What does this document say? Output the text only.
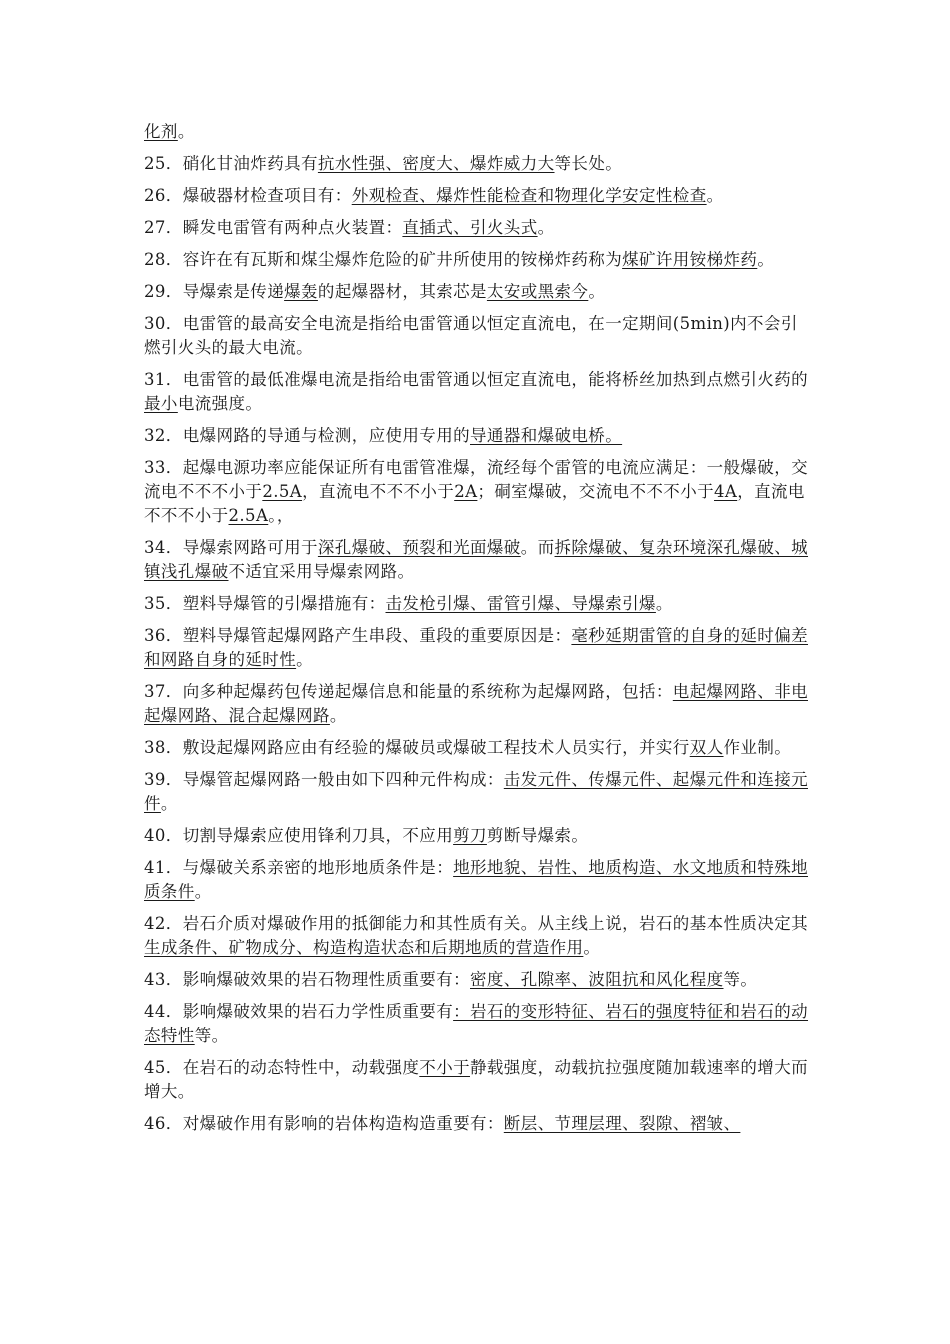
化剂。

25．硝化甘油炸药具有抗水性强、密度大、爆炸威力大等长处。

26．爆破器材检查项目有：外观检查、爆炸性能检查和物理化学安定性检查。

27．瞬发电雷管有两种点火装置：直插式、引火头式。

28．容许在有瓦斯和煤尘爆炸危险的矿井所使用的铵梯炸药称为煤矿许用铵梯炸药。

29．导爆索是传递爆轰的起爆器材，其索芯是太安或黑索今。

30．电雷管的最高安全电流是指给电雷管通以恒定直流电，在一定期间(5min)内不会引燃引火头的最大电流。

31．电雷管的最低准爆电流是指给电雷管通以恒定直流电，能将桥丝加热到点燃引火药的最小电流强度。

32．电爆网路的导通与检测，应使用专用的导通器和爆破电桥。

33．起爆电源功率应能保证所有电雷管准爆，流经每个雷管的电流应满足：一般爆破，交流电不不不小于2.5A，直流电不不不小于2A；硐室爆破，交流电不不不小于4A，直流电不不不小于2.5A。，

34．导爆索网路可用于深孔爆破、预裂和光面爆破。而拆除爆破、复杂环境深孔爆破、城镇浅孔爆破不适宜采用导爆索网路。

35．塑料导爆管的引爆措施有：击发枪引爆、雷管引爆、导爆索引爆。

36．塑料导爆管起爆网路产生串段、重段的重要原因是：毫秒延期雷管的自身的延时偏差和网路自身的延时性。

37．向多种起爆药包传递起爆信息和能量的系统称为起爆网路，包括：电起爆网路、非电起爆网路、混合起爆网路。

38．敷设起爆网路应由有经验的爆破员或爆破工程技术人员实行，并实行双人作业制。

39．导爆管起爆网路一般由如下四种元件构成：击发元件、传爆元件、起爆元件和连接元件。

40．切割导爆索应使用锋利刀具，不应用剪刀剪断导爆索。

41．与爆破关系亲密的地形地质条件是：地形地貌、岩性、地质构造、水文地质和特殊地质条件。

42．岩石介质对爆破作用的抵御能力和其性质有关。从主线上说，岩石的基本性质决定其生成条件、矿物成分、构造构造状态和后期地质的营造作用。

43．影响爆破效果的岩石物理性质重要有：密度、孔隙率、波阻抗和风化程度等。

44．影响爆破效果的岩石力学性质重要有：岩石的变形特征、岩石的强度特征和岩石的动态特性等。

45．在岩石的动态特性中，动载强度不小于静载强度，动载抗拉强度随加载速率的增大而增大。

46．对爆破作用有影响的岩体构造构造重要有：断层、节理层理、裂隙、褶皱、
